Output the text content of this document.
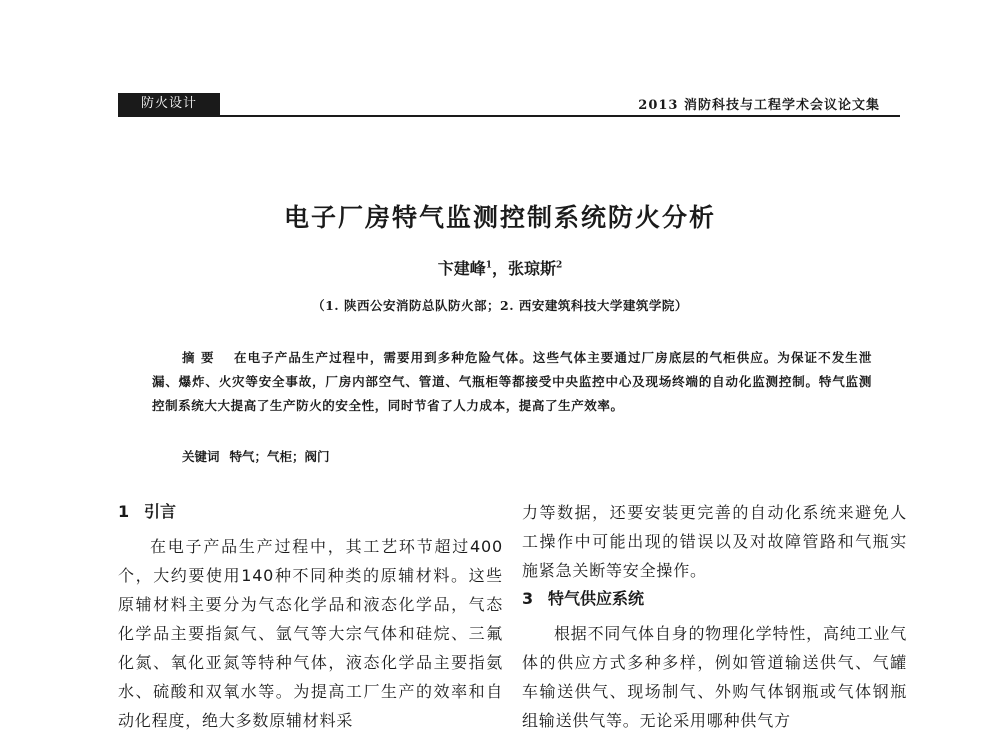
防火设计	2013 消防科技与工程学术会议论文集
电子厂房特气监测控制系统防火分析
卞建峰$^1$，张琼斯$^2$
（1. 陕西公安消防总队防火部；2. 西安建筑科技大学建筑学院）

摘要 在电子产品生产过程中，需要用到多种危险气体。这些气体主要通过厂房底层的气柜供应。为保证不发生泄漏、爆炸、火灾等安全事故，厂房内部空气、管道、气瓶柜等都接受中央监控中心及现场终端的自动化监测控制。特气监测控制系统大大提高了生产防火的安全性，同时节省了人力成本，提高了生产效率。

关键词 特气；气柜；阀门
1 引言

在电子产品生产过程中，其工艺环节超过400个，大约要使用140种不同种类的原辅材料。这些原辅材料主要分为气态化学品和液态化学品，气态化学品主要指氮气、氩气等大宗气体和硅烷、三氟化氮、氧化亚氮等特种气体，液态化学品主要指氨水、硫酸和双氧水等。为提高工厂生产的效率和自动化程度，绝大多数原辅材料采

力等数据，还要安装更完善的自动化系统来避免人工操作中可能出现的错误以及对故障管路和气瓶实施紧急关断等安全操作。

3 特气供应系统

根据不同气体自身的物理化学特性，高纯工业气体的供应方式多种多样，例如管道输送供气、气罐车输送供气、现场制气、外购气体钢瓶或气体钢瓶组输送供气等。无论采用哪种供气方
